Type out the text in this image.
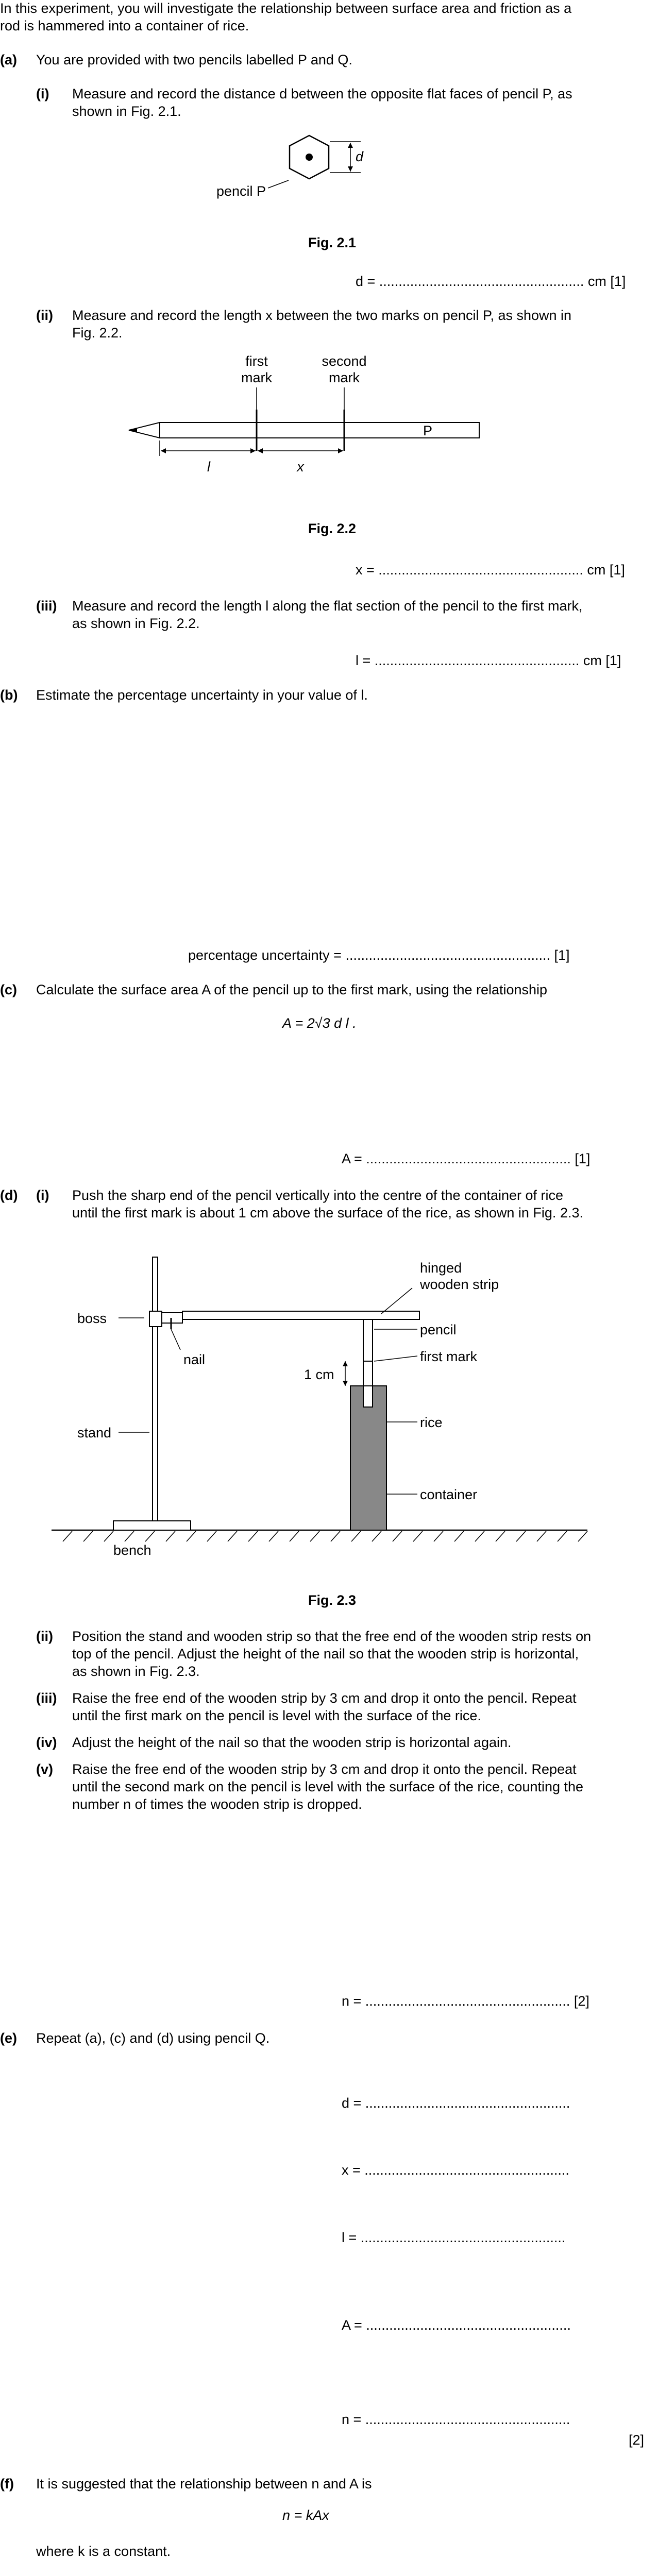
In this experiment, you will investigate the relationship between surface area and friction as a
rod is hammered into a container of rice.
(a) You are provided with two pencils labelled P and Q.
(i) Measure and record the distance d between the opposite flat faces of pencil P, as
shown in Fig. 2.1.
d
pencil P
Fig. 2.1
d = ..................................................... cm [1]
(ii) Measure and record the length x between the two marks on pencil P, as shown in
Fig. 2.2.
first
mark
second
mark
P
l	x
Fig. 2.2
x = ..................................................... cm [1]
(iii) Measure and record the length l along the flat section of the pencil to the first mark,
as shown in Fig. 2.2.
l = ..................................................... cm [1]
(b) Estimate the percentage uncertainty in your value of l.
percentage uncertainty = ..................................................... [1]
(c) Calculate the surface area A of the pencil up to the first mark, using the relationship
A = 2√3 d l .
A = ..................................................... [1]
(d) (i) Push the sharp end of the pencil vertically into the centre of the container of rice
until the first mark is about 1 cm above the surface of the rice, as shown in Fig. 2.3.
hinged
wooden strip
boss
nail
pencil
first mark
1 cm
rice
stand
container
bench
Fig. 2.3
(ii) Position the stand and wooden strip so that the free end of the wooden strip rests on
top of the pencil. Adjust the height of the nail so that the wooden strip is horizontal,
as shown in Fig. 2.3.
(iii) Raise the free end of the wooden strip by 3 cm and drop it onto the pencil. Repeat
until the first mark on the pencil is level with the surface of the rice.
(iv) Adjust the height of the nail so that the wooden strip is horizontal again.
(v) Raise the free end of the wooden strip by 3 cm and drop it onto the pencil. Repeat
until the second mark on the pencil is level with the surface of the rice, counting the
number n of times the wooden strip is dropped.
n = ..................................................... [2]
(e) Repeat (a), (c) and (d) using pencil Q.
d = .....................................................
x = .....................................................
l = .....................................................
A = .....................................................
n = .....................................................
[2]
(f) It is suggested that the relationship between n and A is
n = kAx
where k is a constant.
